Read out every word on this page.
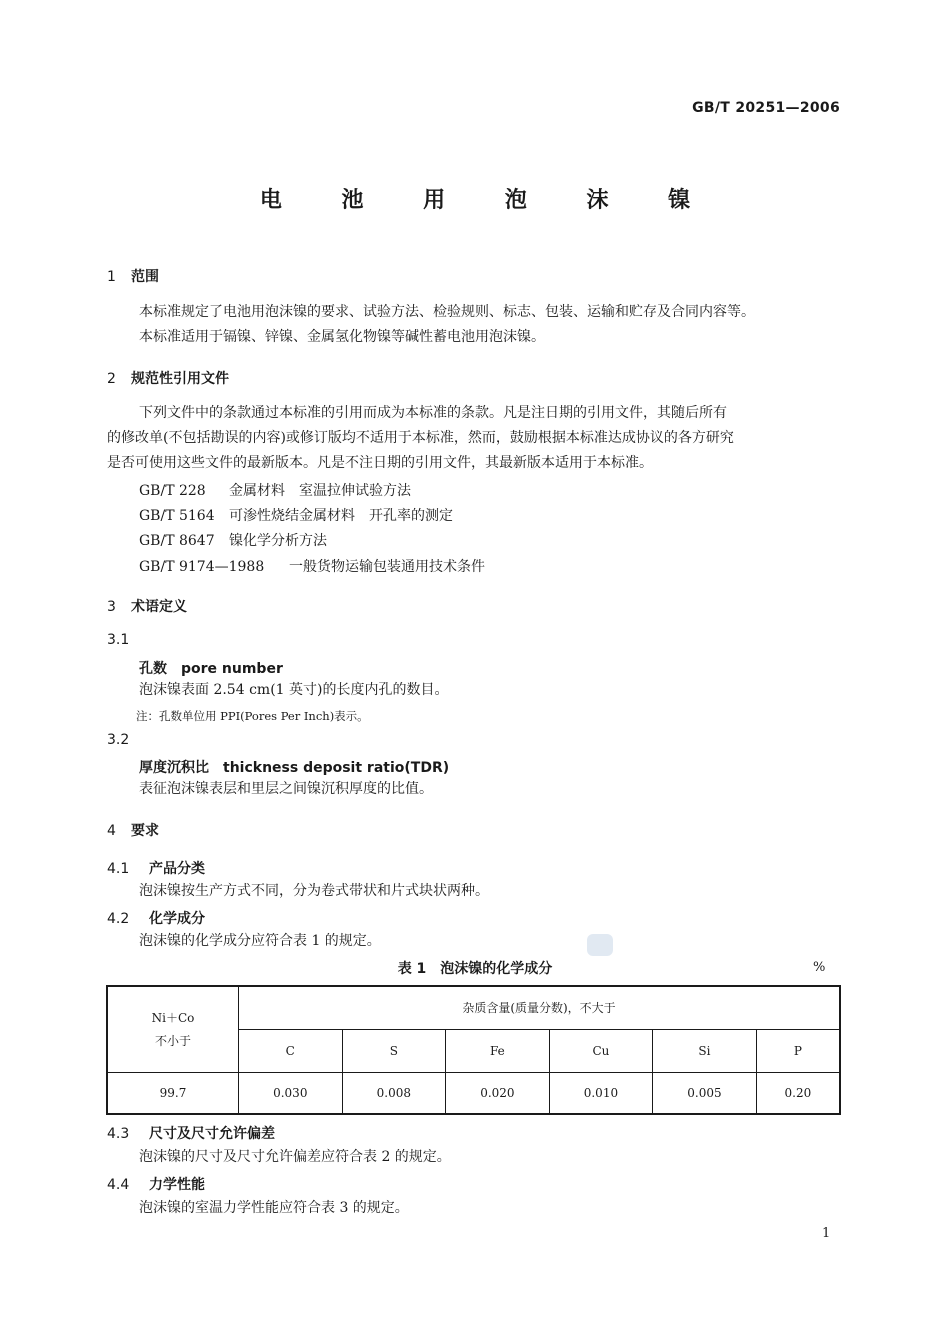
GB/T 20251—2006
电 池 用 泡 沫 镍
1 范围
本标准规定了电池用泡沫镍的要求、试验方法、检验规则、标志、包装、运输和贮存及合同内容等。
本标准适用于镉镍、锌镍、金属氢化物镍等碱性蓄电池用泡沫镍。
2 规范性引用文件
下列文件中的条款通过本标准的引用而成为本标准的条款。凡是注日期的引用文件，其随后所有
的修改单(不包括勘误的内容)或修订版均不适用于本标准，然而，鼓励根据本标准达成协议的各方研究
是否可使用这些文件的最新版本。凡是不注日期的引用文件，其最新版本适用于本标准。
GB/T 228 金属材料　室温拉伸试验方法
GB/T 5164 可渗性烧结金属材料　开孔率的测定
GB/T 8647 镍化学分析方法
GB/T 9174—1988 一般货物运输包装通用技术条件
3 术语定义
3.1
孔数　pore number
泡沫镍表面 2.54 cm(1 英寸)的长度内孔的数目。
注：孔数单位用 PPI(Pores Per Inch)表示。
3.2
厚度沉积比　thickness deposit ratio(TDR)
表征泡沫镍表层和里层之间镍沉积厚度的比值。
4 要求
4.1 产品分类
泡沫镍按生产方式不同，分为卷式带状和片式块状两种。
4.2 化学成分
泡沫镍的化学成分应符合表 1 的规定。
表 1　泡沫镍的化学成分	%
Ni＋Co
不小于	杂质含量(质量分数)，不大于					
	C	S	Fe	Cu	Si	P
99.7	0.030	0.008	0.020	0.010	0.005	0.20
4.3 尺寸及尺寸允许偏差
泡沫镍的尺寸及尺寸允许偏差应符合表 2 的规定。
4.4 力学性能
泡沫镍的室温力学性能应符合表 3 的规定。
1
